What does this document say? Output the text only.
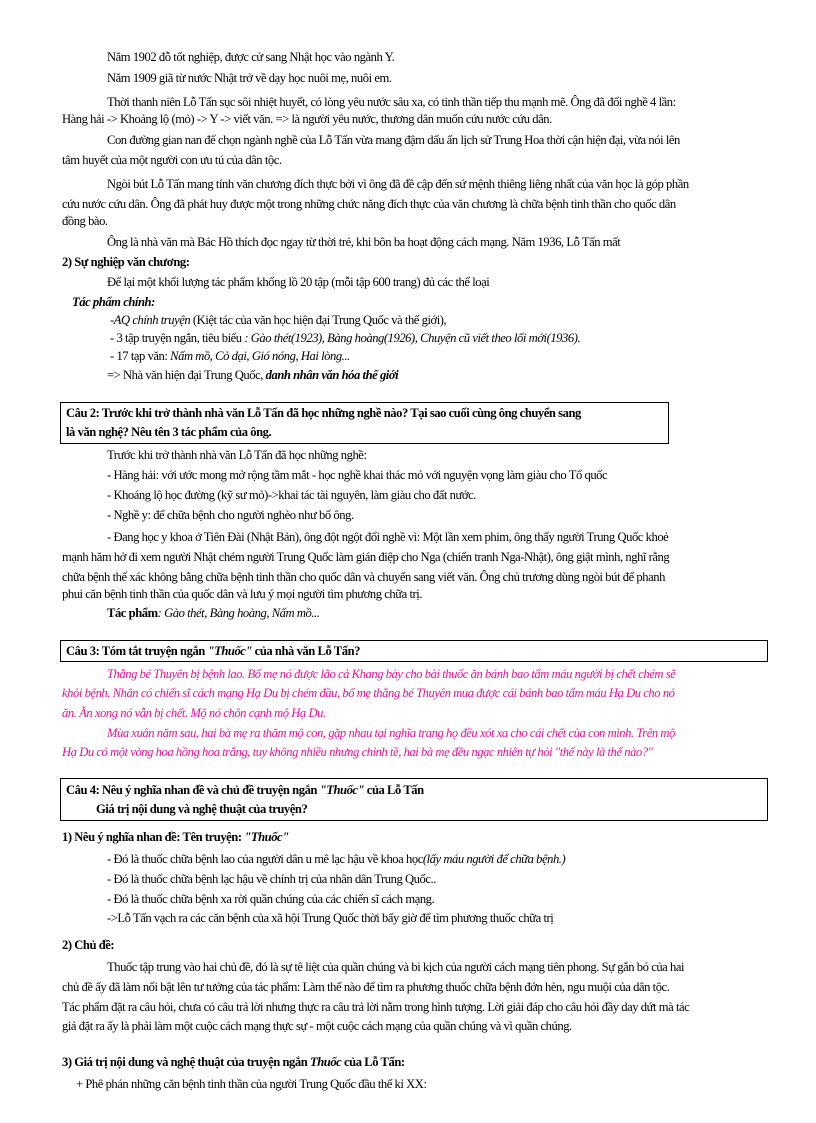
Năm 1902 đỗ tốt nghiệp, được cử sang Nhật học vào ngành Y.
Năm 1909 giã từ nước Nhật trở về dạy học nuôi mẹ, nuôi em.
Thời thanh niên Lỗ Tấn sục sôi nhiệt huyết, có lòng yêu nước sâu xa, có tinh thần tiếp thu mạnh mẽ. Ông đã đổi nghề 4 lần:
Hàng hải -> Khoảng lộ (mỏ) -> Y -> viết văn. => là người yêu nước, thương dân muốn cứu nước cứu dân.
Con đường gian nan để chọn ngành nghề của Lỗ Tấn vừa mang đậm dấu ấn lịch sử Trung Hoa thời cận hiện đại, vừa nói lên
tâm huyết của một người con ưu tú của dân tộc.
Ngòi bút Lỗ Tấn mang tính văn chương đích thực bởi vì ông đã đề cập đến sứ mệnh thiêng liêng nhất của văn học là góp phần
cứu nước cứu dân. Ông đã phát huy được một trong những chức năng đích thực của văn chương là chữa bệnh tinh thần cho quốc dân
đồng bào.
Ông là nhà văn mà Bác Hồ thích đọc ngay từ thời trẻ, khi bôn ba hoạt động cách mạng. Năm 1936, Lỗ Tấn mất
2) Sự nghiệp văn chương:
Để lại một khối lượng tác phẩm khổng lồ 20 tập (mỗi tập 600 trang) đủ các thể loại
Tác phẩm chính:
-AQ chính truyện (Kiệt tác của văn học hiện đại Trung Quốc và thế giới),
- 3 tập truyện ngắn, tiêu biểu : Gào thét(1923), Bàng hoàng(1926), Chuyện cũ viết theo lối mới(1936).
- 17 tạp văn: Nấm mồ, Cỏ dại, Gió nóng, Hai lòng...
=> Nhà văn hiện đại Trung Quốc, danh nhân văn hóa thế giới
Câu 2: Trước khi trở thành nhà văn Lỗ Tấn đã học những nghề nào? Tại sao cuối cùng ông chuyển sang
là văn nghệ? Nêu tên 3 tác phẩm của ông.
Trước khi trở thành nhà văn Lỗ Tấn đã học những nghề:
- Hàng hải: với ước mong mở rộng tầm mắt - học nghề khai thác mỏ với nguyện vọng làm giàu cho Tổ quốc
- Khoáng lộ học đường (kỹ sư mỏ)->khai tác tài nguyên, làm giàu cho đất nước.
- Nghề y: để chữa bệnh cho người nghèo như bố ông.
- Đang học y khoa ở Tiên Đài (Nhật Bản), ông đột ngột đổi nghề vì: Một lần xem phim, ông thấy người Trung Quốc khoẻ
mạnh hăm hở đi xem người Nhật chém người Trung Quốc làm gián điệp cho Nga (chiến tranh Nga-Nhật), ông giật mình, nghĩ rằng
chữa bệnh thể xác không bằng chữa bệnh tinh thần cho quốc dân và chuyển sang viết văn. Ông chủ trương dùng ngòi bút để phanh
phui căn bệnh tinh thần của quốc dân và lưu ý mọi người tìm phương chữa trị.
Tác phẩm: Gào thét, Bàng hoàng, Nấm mồ...
Câu 3: Tóm tắt truyện ngắn "Thuốc" của nhà văn Lỗ Tấn?
Thằng bé Thuyên bị bệnh lao. Bố mẹ nó được lão cả Khang bày cho bài thuốc ăn bánh bao tẩm máu người bị chết chém sẽ
khỏi bệnh. Nhân có chiến sĩ cách mạng Hạ Du bị chém đầu, bố mẹ thằng bé Thuyên mua được cái bánh bao tẩm máu Hạ Du cho nó
ăn. Ăn xong nó vẫn bị chết. Mộ nó chôn cạnh mộ Hạ Du.
Mùa xuân năm sau, hai bà mẹ ra thăm mộ con, gặp nhau tại nghĩa trang họ đều xót xa cho cái chết của con mình. Trên mộ
Hạ Du có một vòng hoa hồng hoa trắng, tuy không nhiều nhưng chỉnh tề, hai bà mẹ đều ngạc nhiên tự hỏi "thế này là thế nào?"
Câu 4: Nêu ý nghĩa nhan đề và chủ đề truyện ngắn "Thuốc" của Lỗ Tấn
Giá trị nội dung và nghệ thuật của truyện?
1) Nêu ý nghĩa nhan đề: Tên truyện: "Thuốc"
- Đó là thuốc chữa bệnh lao của người dân u mê lạc hậu về khoa học(lấy máu người để chữa bệnh.)
- Đó là thuốc chữa bệnh lạc hậu về chính trị của nhân dân Trung Quốc..
- Đó là thuốc chữa bệnh xa rời quần chúng của các chiến sĩ cách mạng.
->Lỗ Tấn vạch ra các căn bệnh của xã hội Trung Quốc thời bấy giờ để tìm phương thuốc chữa trị
2) Chủ đề:
Thuốc tập trung vào hai chủ đề, đó là sự tê liệt của quần chúng và bi kịch của người cách mạng tiên phong. Sự gắn bó của hai
chủ đề ấy đã làm nổi bật lên tư tưởng của tác phẩm: Làm thế nào để tìm ra phương thuốc chữa bệnh đớn hèn, ngu muội của dân tộc.
Tác phẩm đặt ra câu hỏi, chưa có câu trả lời nhưng thực ra câu trả lời nằm trong hình tượng. Lời giải đáp cho câu hỏi đầy day dứt mà tác
giả đặt ra ấy là phải làm một cuộc cách mạng thực sự - một cuộc cách mạng của quần chúng và vì quần chúng.
3) Giá trị nội dung và nghệ thuật của truyện ngắn Thuốc của Lỗ Tấn:
+ Phê phán những căn bệnh tinh thần của người Trung Quốc đầu thế kỉ XX:
